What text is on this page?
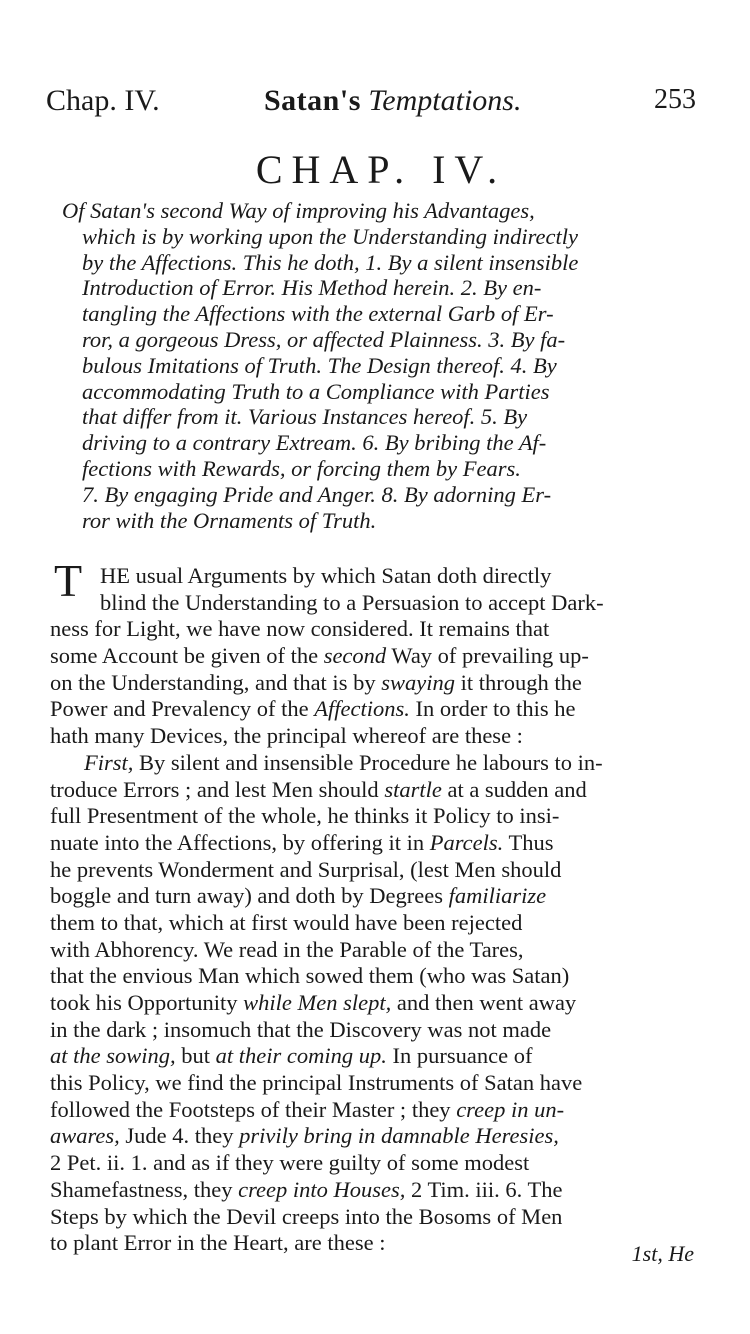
Chap. IV.	Satan's Temptations.	253
CHAP. IV.
Of Satan's second Way of improving his Advantages,
which is by working upon the Understanding indirectly
by the Affections. This he doth, 1. By a silent insensible
Introduction of Error. His Method herein. 2. By en-
tangling the Affections with the external Garb of Er-
ror, a gorgeous Dress, or affected Plainness. 3. By fa-
bulous Imitations of Truth. The Design thereof. 4. By
accommodating Truth to a Compliance with Parties
that differ from it. Various Instances hereof. 5. By
driving to a contrary Extream. 6. By bribing the Af-
fections with Rewards, or forcing them by Fears.
7. By engaging Pride and Anger. 8. By adorning Er-
ror with the Ornaments of Truth.
T HE usual Arguments by which Satan doth directly
blind the Understanding to a Persuasion to accept Dark-
ness for Light, we have now considered. It remains that
some Account be given of the second Way of prevailing up-
on the Understanding, and that is by swaying it through the
Power and Prevalency of the Affections. In order to this he
hath many Devices, the principal whereof are these :
First, By silent and insensible Procedure he labours to in-
troduce Errors ; and lest Men should startle at a sudden and
full Presentment of the whole, he thinks it Policy to insi-
nuate into the Affections, by offering it in Parcels. Thus
he prevents Wonderment and Surprisal, (lest Men should
boggle and turn away) and doth by Degrees familiarize
them to that, which at first would have been rejected
with Abhorency. We read in the Parable of the Tares,
that the envious Man which sowed them (who was Satan)
took his Opportunity while Men slept, and then went away
in the dark ; insomuch that the Discovery was not made
at the sowing, but at their coming up. In pursuance of
this Policy, we find the principal Instruments of Satan have
followed the Footsteps of their Master ; they creep in un-
awares, Jude 4. they privily bring in damnable Heresies,
2 Pet. ii. 1. and as if they were guilty of some modest
Shamefastness, they creep into Houses, 2 Tim. iii. 6. The
Steps by which the Devil creeps into the Bosoms of Men
to plant Error in the Heart, are these :	1st, He
